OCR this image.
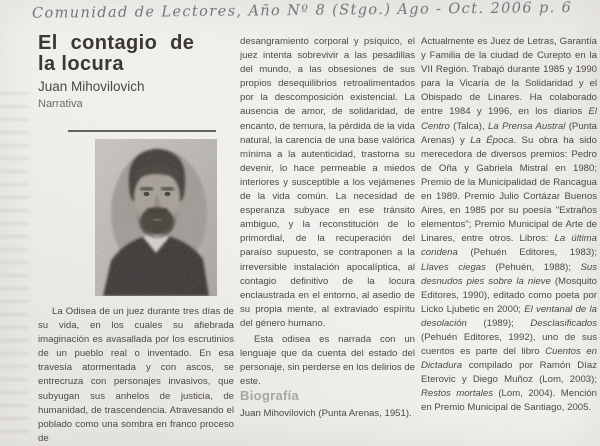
Comunidad de Lectores, Año Nº 8 (Stgo.) Ago - Oct. 2006 p. 6
El contagio de
la locura
Juan Mihovilovich
Narrativa

La Odisea de un juez durante tres días de su vida, en los cuales su afiebrada imaginación es avasallada por los escrutinios de un pueblo real o inventado. En esa travesía atormentada y con ascos, se entrecruza con personajes invasivos, que subyugan sus anhelos de justicia, de humanidad, de trascendencia. Atravesando el poblado como una sombra en franco proceso de

desangramiento corporal y psíquico, el juez intenta sobrevivir a las pesadillas del mundo, a las obsesiones de sus propios desequilibrios retroalimentados por la descomposición existencial. La ausencia de amor, de solidaridad, de encanto, de ternura, la pérdida de la vida natural, la carencia de una base valórica mínima a la autenticidad, trastorna su devenir, lo hace permeable a miedos interiores y susceptible a los vejámenes de la vida común. La necesidad de esperanza subyace en ese tránsito ambiguo, y la reconstitución de lo primordial, de la recuperación del paraíso supuesto, se contraponen a la irreversible instalación apocalíptica, al contagio definitivo de la locura enclaustrada en el entorno, al asedio de su propia mente, al extraviado espíritu del género humano.

Esta odisea es narrada con un lenguaje que da cuenta del estado del personaje, sin perderse en los delirios de este.

Actualmente es Juez de Letras, Garantía y Familia de la ciudad de Curepto en la VII Región. Trabajó durante 1985 y 1990 para la Vicaría de la Solidaridad y el Obispado de Linares. Ha colaborado entre 1984 y 1996, en los diarios El Centro (Talca), La Prensa Austral (Punta Arenas) y La Época. Su obra ha sido merecedora de diversos premios: Pedro de Oña y Gabriela Mistral en 1980; Premio de la Municipalidad de Rancagua en 1989. Premio Julio Cortázar Buenos Aires, en 1985 por su poesía "Extraños elementos"; Premio Municipal de Arte de Linares, entre otros. Libros: La última condena (Pehuén Editores, 1983); Llaves ciegas (Pehuén, 1988); Sus desnudos pies sobre la nieve (Mosquito Editores, 1990), editado como poeta por Licko Ljubetic en 2000; El ventanal de la desolación (1989); Desclasificados (Pehuén Editores, 1992), uno de sus cuentos es parte del libro Cuentos en Dictadura compilado por Ramón Díaz Eterovic y Diego Muñoz (Lom, 2003); Restos mortales (Lom, 2004). Mención en Premio Municipal de Santiago, 2005.

Biografía
Juan Mihovilovich (Punta Arenas, 1951).
